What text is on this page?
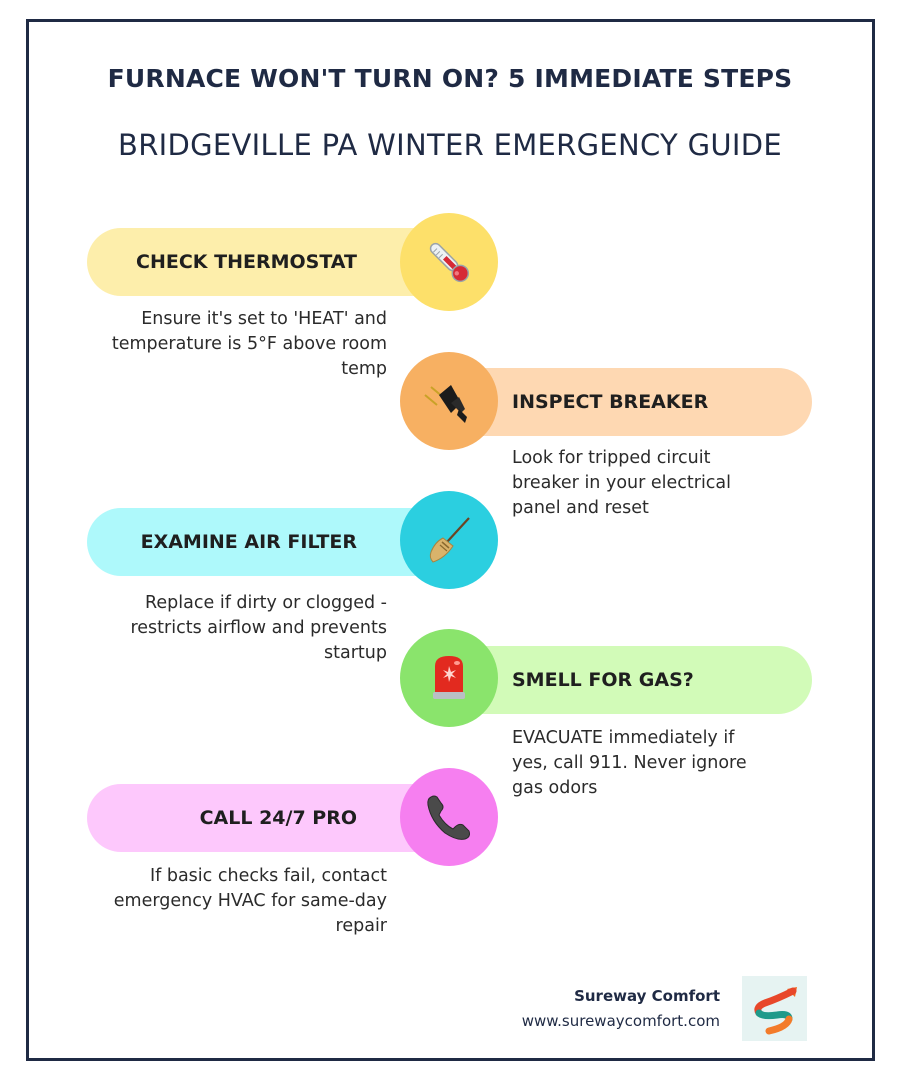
FURNACE WON'T TURN ON? 5 IMMEDIATE STEPS
BRIDGEVILLE PA WINTER EMERGENCY GUIDE
CHECK THERMOSTAT
Ensure it's set to 'HEAT' and temperature is 5°F above room temp
INSPECT BREAKER
Look for tripped circuit breaker in your electrical panel and reset
EXAMINE AIR FILTER
Replace if dirty or clogged - restricts airflow and prevents startup
SMELL FOR GAS?
EVACUATE immediately if yes, call 911. Never ignore gas odors
CALL 24/7 PRO
If basic checks fail, contact emergency HVAC for same-day repair
Sureway Comfort
www.surewaycomfort.com
